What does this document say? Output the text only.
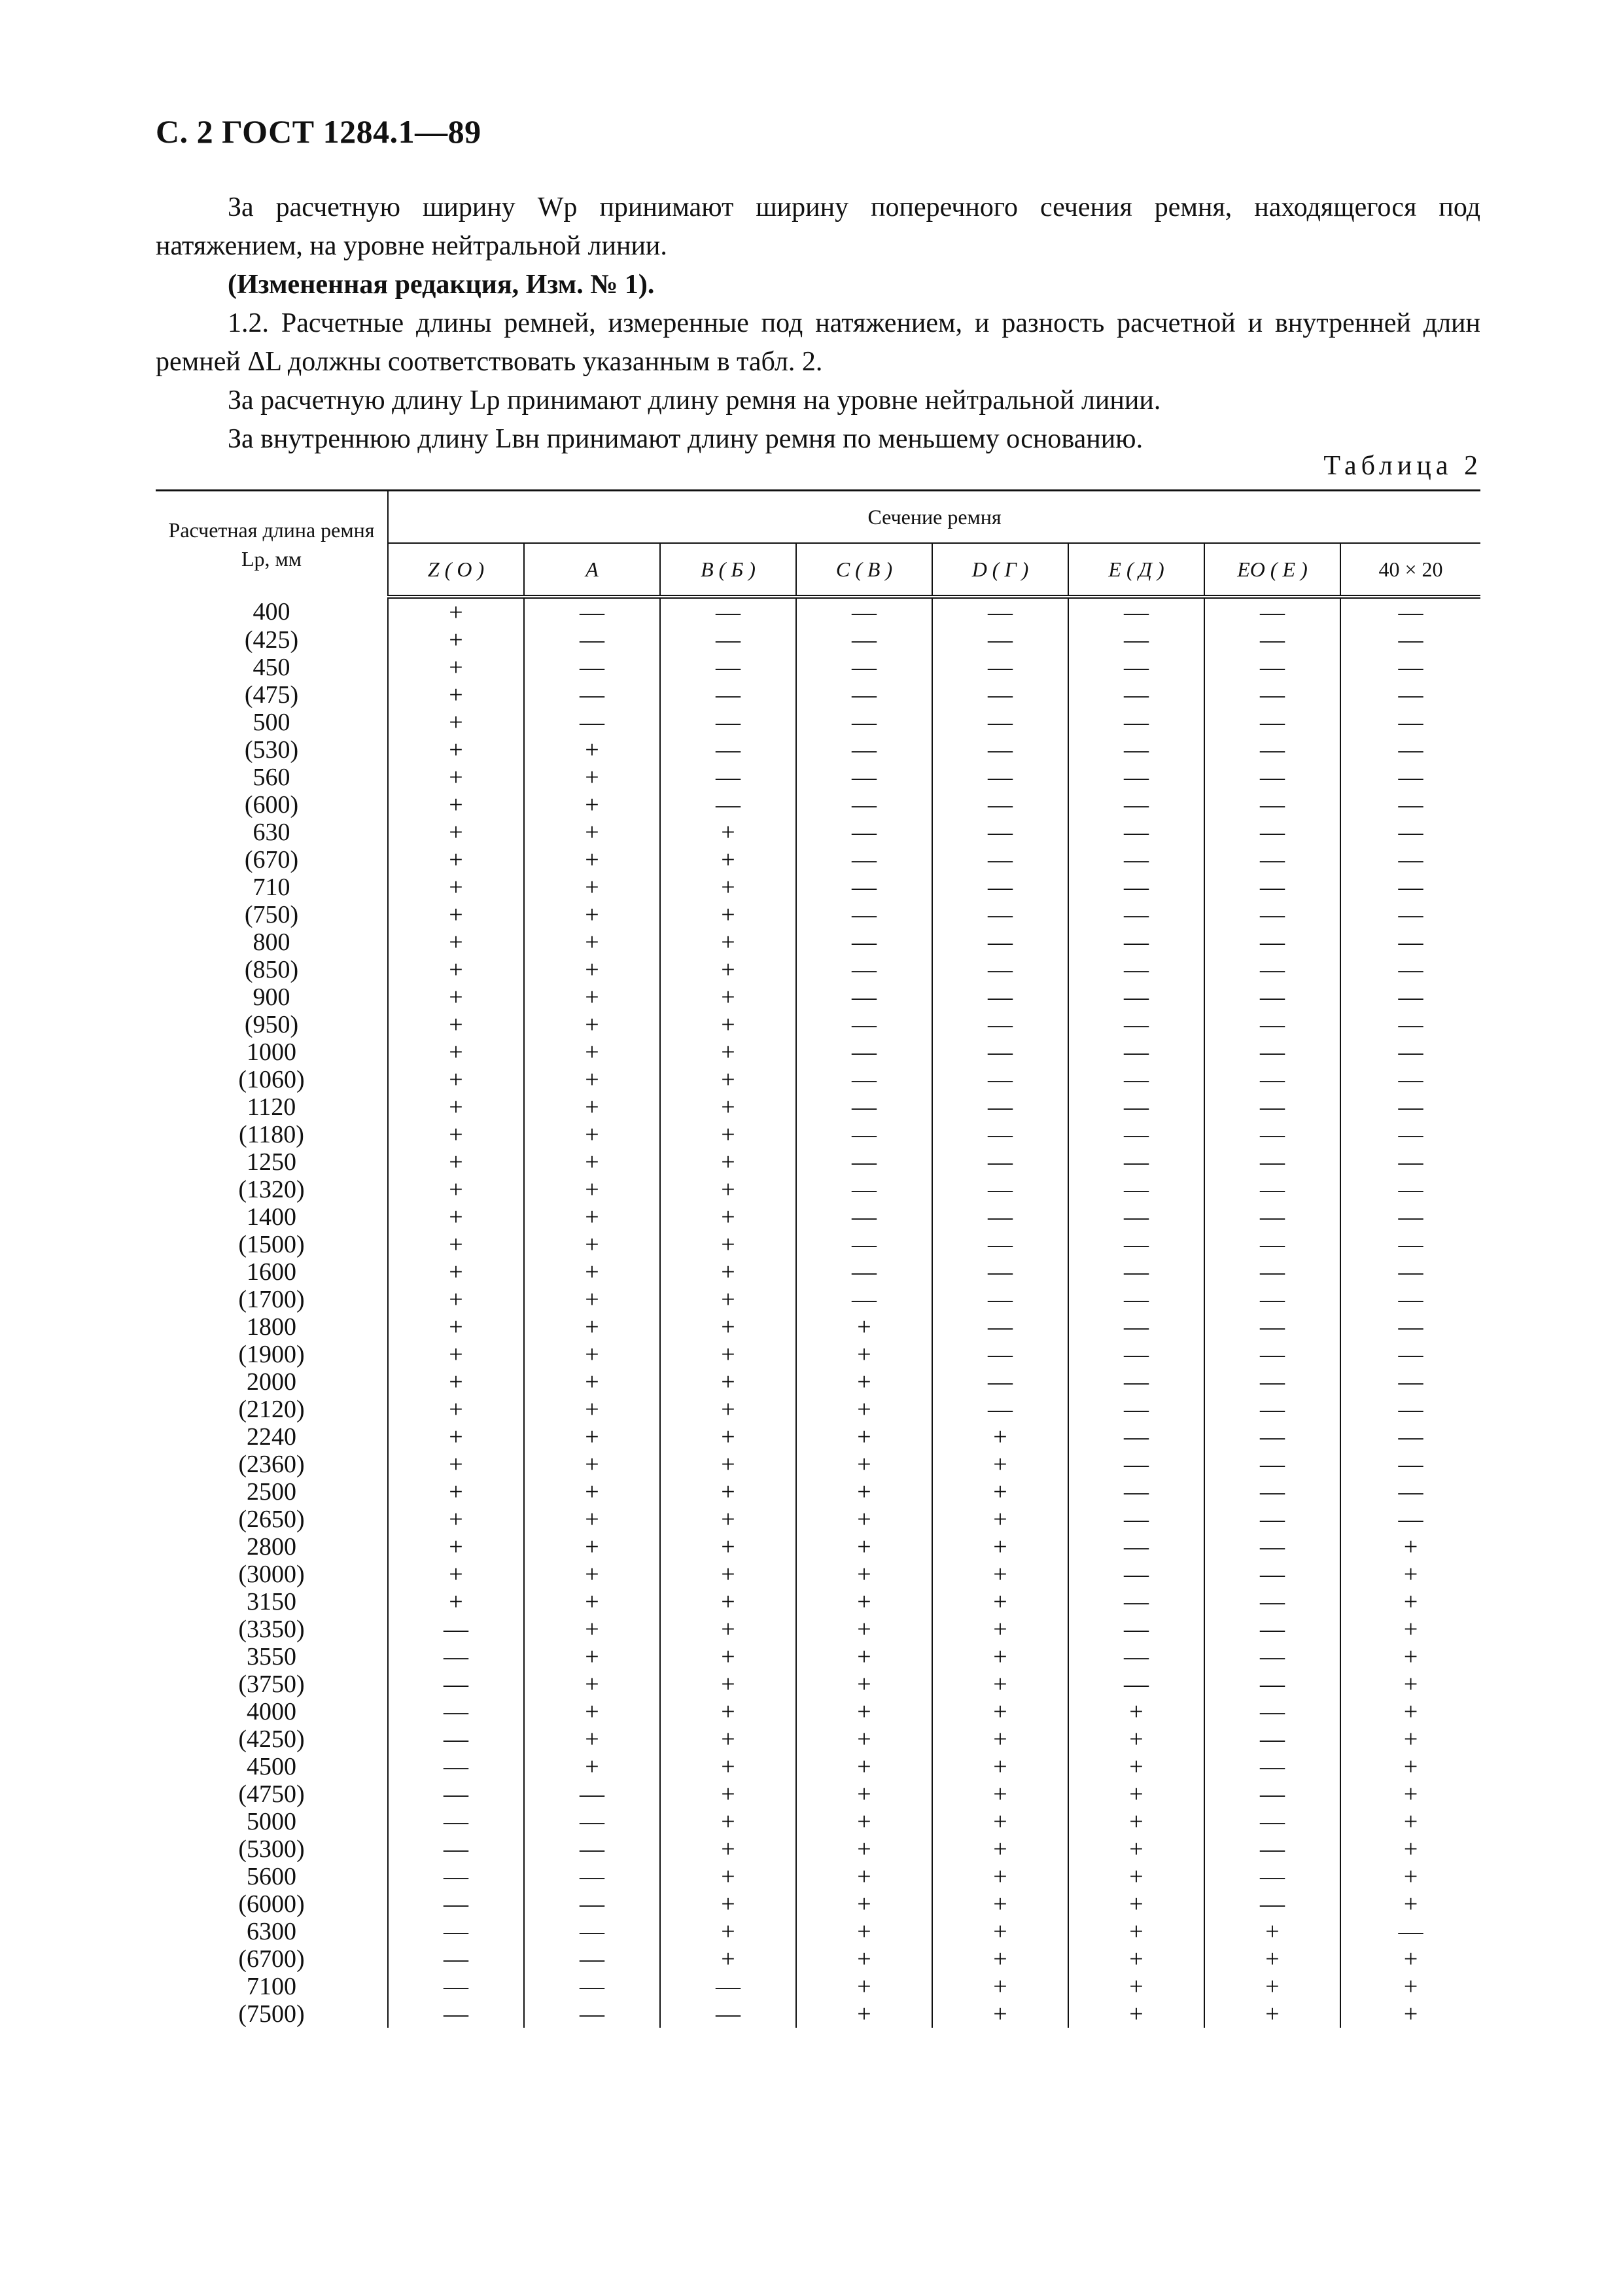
С. 2 ГОСТ 1284.1—89

За расчетную ширину Wр принимают ширину поперечного сечения ремня, находящегося под натяжением, на уровне нейтральной линии.

(Измененная редакция, Изм. № 1).

1.2. Расчетные длины ремней, измеренные под натяжением, и разность расчетной и внутренней длин ремней ΔL должны соответствовать указанным в табл. 2.

За расчетную длину Lр принимают длину ремня на уровне нейтральной линии.

За внутреннюю длину Lвн принимают длину ремня по меньшему основанию.

Таблица 2
Расчетная длина ремня Lр, мм	Сечение ремня							
	Z ( O )	A	B ( Б )	C ( B )	D ( Г )	E ( Д )	EO ( E )	40 × 20
400	+	—	—	—	—	—	—	—
(425)	+	—	—	—	—	—	—	—
450	+	—	—	—	—	—	—	—
(475)	+	—	—	—	—	—	—	—
500	+	—	—	—	—	—	—	—
(530)	+	+	—	—	—	—	—	—
560	+	+	—	—	—	—	—	—
(600)	+	+	—	—	—	—	—	—
630	+	+	+	—	—	—	—	—
(670)	+	+	+	—	—	—	—	—
710	+	+	+	—	—	—	—	—
(750)	+	+	+	—	—	—	—	—
800	+	+	+	—	—	—	—	—
(850)	+	+	+	—	—	—	—	—
900	+	+	+	—	—	—	—	—
(950)	+	+	+	—	—	—	—	—
1000	+	+	+	—	—	—	—	—
(1060)	+	+	+	—	—	—	—	—
1120	+	+	+	—	—	—	—	—
(1180)	+	+	+	—	—	—	—	—
1250	+	+	+	—	—	—	—	—
(1320)	+	+	+	—	—	—	—	—
1400	+	+	+	—	—	—	—	—
(1500)	+	+	+	—	—	—	—	—
1600	+	+	+	—	—	—	—	—
(1700)	+	+	+	—	—	—	—	—
1800	+	+	+	+	—	—	—	—
(1900)	+	+	+	+	—	—	—	—
2000	+	+	+	+	—	—	—	—
(2120)	+	+	+	+	—	—	—	—
2240	+	+	+	+	+	—	—	—
(2360)	+	+	+	+	+	—	—	—
2500	+	+	+	+	+	—	—	—
(2650)	+	+	+	+	+	—	—	—
2800	+	+	+	+	+	—	—	+
(3000)	+	+	+	+	+	—	—	+
3150	+	+	+	+	+	—	—	+
(3350)	—	+	+	+	+	—	—	+
3550	—	+	+	+	+	—	—	+
(3750)	—	+	+	+	+	—	—	+
4000	—	+	+	+	+	+	—	+
(4250)	—	+	+	+	+	+	—	+
4500	—	+	+	+	+	+	—	+
(4750)	—	—	+	+	+	+	—	+
5000	—	—	+	+	+	+	—	+
(5300)	—	—	+	+	+	+	—	+
5600	—	—	+	+	+	+	—	+
(6000)	—	—	+	+	+	+	—	+
6300	—	—	+	+	+	+	+	—
(6700)	—	—	+	+	+	+	+	+
7100	—	—	—	+	+	+	+	+
(7500)	—	—	—	+	+	+	+	+
